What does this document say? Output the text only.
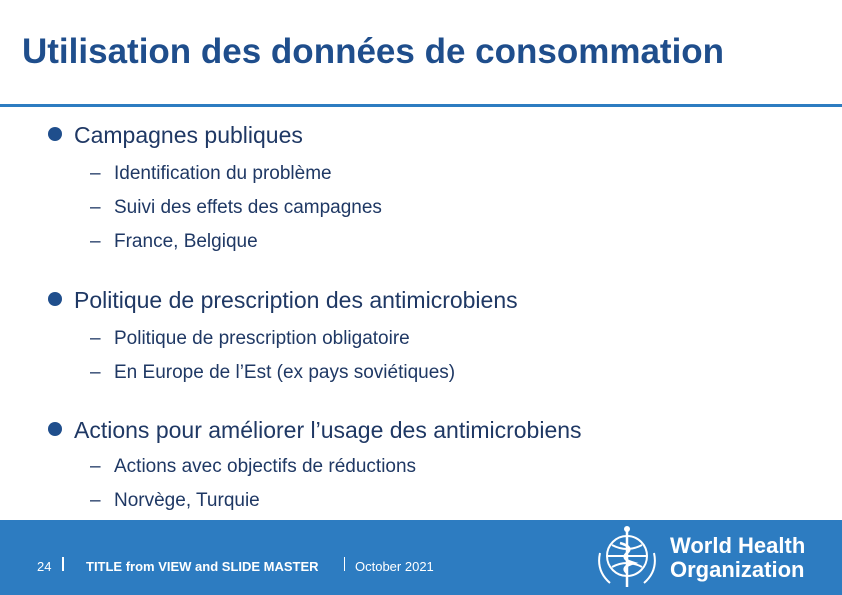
Utilisation des données de consommation
Campagnes publiques
– Identification du problème
– Suivi des effets des campagnes
– France, Belgique
Politique de prescription des antimicrobiens
– Politique de prescription obligatoire
– En Europe de l’Est (ex pays soviétiques)
Actions pour améliorer l’usage des antimicrobiens
– Actions avec objectifs de réductions
– Norvège, Turquie
24	TITLE from VIEW and SLIDE MASTER	October 2021
World Health
Organization
